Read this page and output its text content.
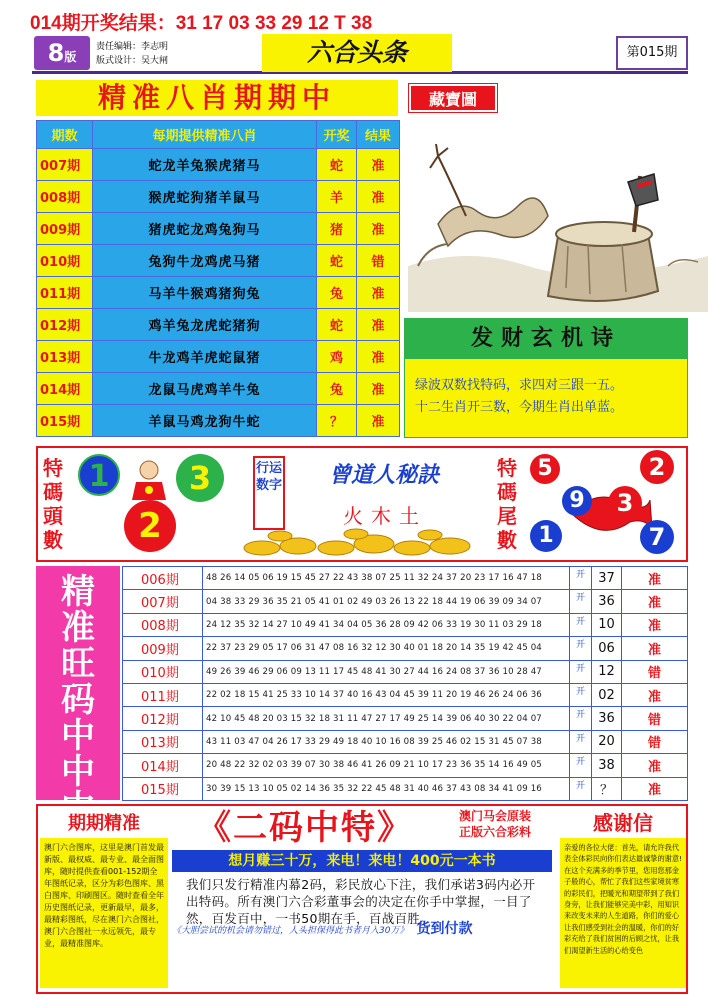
014期开奖结果：31 17 03 33 29 12 T 38
8版
责任编辑：李志明
版式设计：吴大闸	六合头条	第015期
精准八肖期期中
期数	每期提供精准八肖	开奖	结果
007期	蛇龙羊兔猴虎猪马	蛇	准
008期	猴虎蛇狗猪羊鼠马	羊	准
009期	猪虎蛇龙鸡兔狗马	猪	准
010期	兔狗牛龙鸡虎马猪	蛇	错
011期	马羊牛猴鸡猪狗兔	兔	准
012期	鸡羊兔龙虎蛇猪狗	蛇	准
013期	牛龙鸡羊虎蛇鼠猪	鸡	准
014期	龙鼠马虎鸡羊牛兔	兔	准
015期	羊鼠马鸡龙狗牛蛇	？	准
藏寶圖
发财玄机诗
绿波双数找特码，求四对三跟一五。
十二生肖开三数，今期生肖出单蓝。
特
碼
頭
數
1	3
2
行运
数字	曾道人秘訣
火木土
特
碼
尾
數
5	2
9	3
1	7
精
准
旺
码
中
中

006期	48 26 14 05 06 19 15 45 27 22 43 38 07 25 11 32 24 37 20 23 17 16 47 18	开	37	准
007期	04 38 33 29 36 35 21 05 41 01 02 49 03 26 13 22 18 44 19 06 39 09 34 07	开	36	准
008期	24 12 35 32 14 27 10 49 41 34 04 05 36 28 09 42 06 33 19 30 11 03 29 18	开	10	准
009期	22 37 23 29 05 17 06 31 47 08 16 32 12 30 40 01 18 20 14 35 19 42 45 04	开	06	准
010期	49 26 39 46 29 06 09 13 11 17 45 48 41 30 27 44 16 24 08 37 36 10 28 47	开	12	错
011期	22 02 18 15 41 25 33 10 14 37 40 16 43 04 45 39 11 20 19 46 26 24 06 36	开	02	准
012期	42 10 45 48 20 03 15 32 18 31 11 47 27 17 49 25 14 39 06 40 30 22 04 07	开	36	错
013期	43 11 03 47 04 26 17 33 29 49 18 40 10 16 08 39 25 46 02 15 31 45 07 38	开	20	错
014期	20 48 22 32 02 03 39 07 30 38 46 41 26 09 21 10 17 23 36 35 14 16 49 05	开	38	准
015期	30 39 15 13 10 05 02 14 36 35 32 22 45 48 31 40 46 37 43 08 34 41 09 16	开	？	准
期期精准
澳门六合图库，这里是澳门首发最新版、最权威、最专业、最全面图库，随时提供查看001-152期全年图纸记录，区分为彩色图库、黑白图库、印刷图区。随时查看全年历史图纸记录，更新最早，最多，最精彩图纸，尽在澳门六合图社，澳门六合图社一永远领先，最专业，最精准图库。
《二码中特》	澳门马会原装
正版六合彩料
想月赚三十万，来电！来电！400元一本书
我们只发行精准内幕2码，彩民放心下注，我们承诺3码内必开出特码。所有澳门六合彩董事会的决定在你手中掌握，一目了然，百发百中，一书50期在手，百战百胜。
《大胆尝试的机会请勿错过，人头担保得此书者月入30万》 货到付款
感谢信
亲爱的各位大佬：首先，请允许我代表全体彩民向你们表达最诚挚的谢意!在这个充满多的季节里，您用您那金子般的心，帮忙了我们这些家境贫寒的彩民们，把暖光和期望带到了我们身旁，让我们能够完美中彩，用知识来改变未来的人生道路，你们的爱心让我们感受到社会的温暖，你们的好彩充给了我们贫困的后顾之忧，让我们渴望新生活的心给变色
